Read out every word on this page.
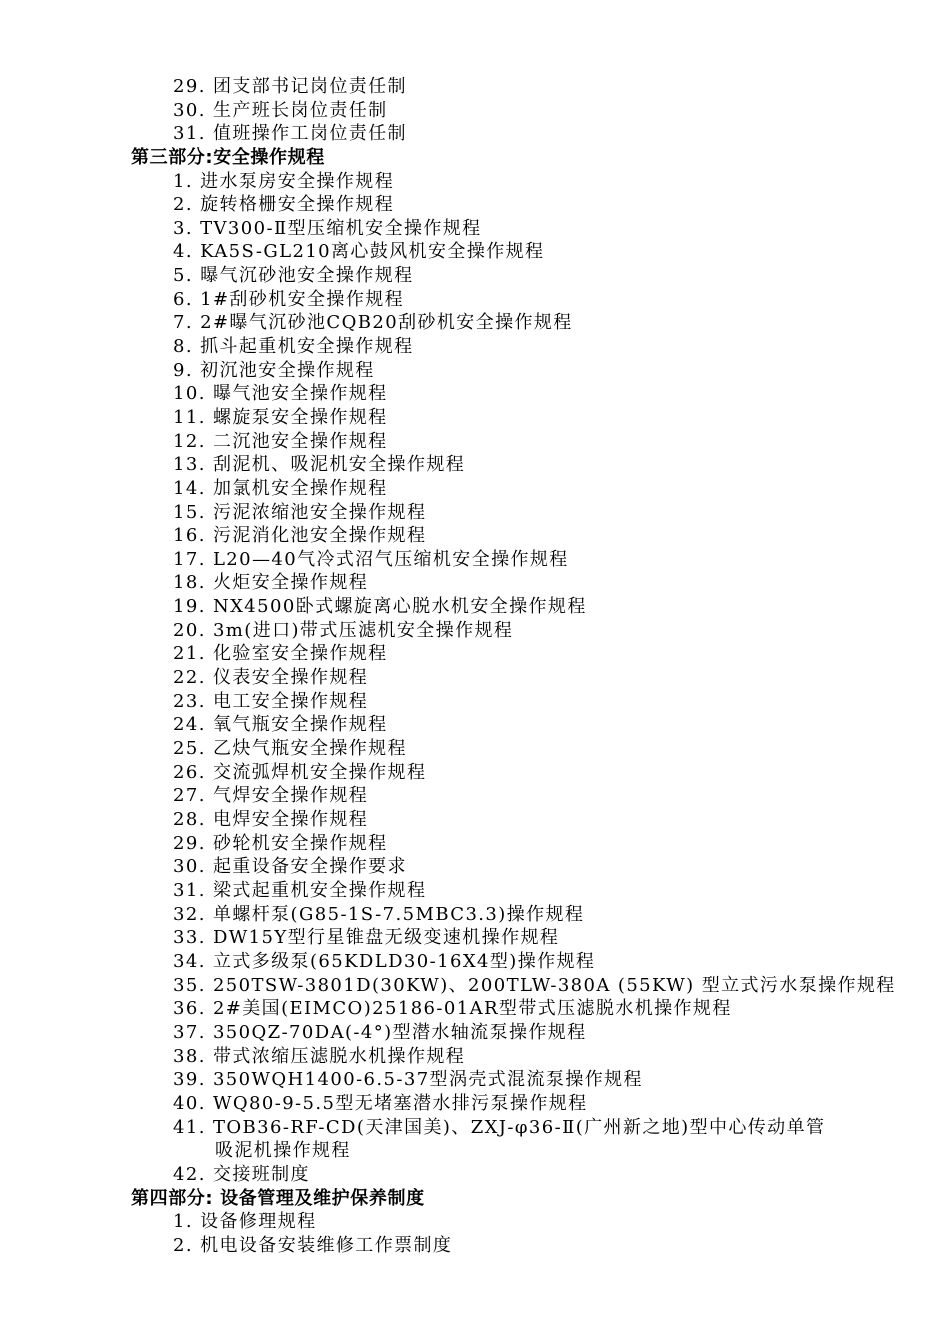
29. 团支部书记岗位责任制
30. 生产班长岗位责任制
31. 值班操作工岗位责任制
第三部分:安全操作规程
1. 进水泵房安全操作规程
2. 旋转格栅安全操作规程
3. TV300-Ⅱ型压缩机安全操作规程
4. KA5S-GL210离心鼓风机安全操作规程
5. 曝气沉砂池安全操作规程
6. 1#刮砂机安全操作规程
7. 2#曝气沉砂池CQB20刮砂机安全操作规程
8. 抓斗起重机安全操作规程
9. 初沉池安全操作规程
10. 曝气池安全操作规程
11. 螺旋泵安全操作规程
12. 二沉池安全操作规程
13. 刮泥机、吸泥机安全操作规程
14. 加氯机安全操作规程
15. 污泥浓缩池安全操作规程
16. 污泥消化池安全操作规程
17. L20—40气冷式沼气压缩机安全操作规程
18. 火炬安全操作规程
19. NX4500卧式螺旋离心脱水机安全操作规程
20. 3m(进口)带式压滤机安全操作规程
21. 化验室安全操作规程
22. 仪表安全操作规程
23. 电工安全操作规程
24. 氧气瓶安全操作规程
25. 乙炔气瓶安全操作规程
26. 交流弧焊机安全操作规程
27. 气焊安全操作规程
28. 电焊安全操作规程
29. 砂轮机安全操作规程
30. 起重设备安全操作要求
31. 梁式起重机安全操作规程
32. 单螺杆泵(G85-1S-7.5MBC3.3)操作规程
33. DW15Y型行星锥盘无级变速机操作规程
34. 立式多级泵(65KDLD30-16X4型)操作规程
35. 250TSW-3801D(30KW)、200TLW-380A (55KW) 型立式污水泵操作规程
36. 2#美国(EIMCO)25186-01AR型带式压滤脱水机操作规程
37. 350QZ-70DA(-4°)型潜水轴流泵操作规程
38. 带式浓缩压滤脱水机操作规程
39. 350WQH1400-6.5-37型涡壳式混流泵操作规程
40. WQ80-9-5.5型无堵塞潜水排污泵操作规程
41. TOB36-RF-CD(天津国美)、ZXJ-φ36-Ⅱ(广州新之地)型中心传动单管
吸泥机操作规程
42. 交接班制度
第四部分: 设备管理及维护保养制度
1. 设备修理规程
2. 机电设备安装维修工作票制度
